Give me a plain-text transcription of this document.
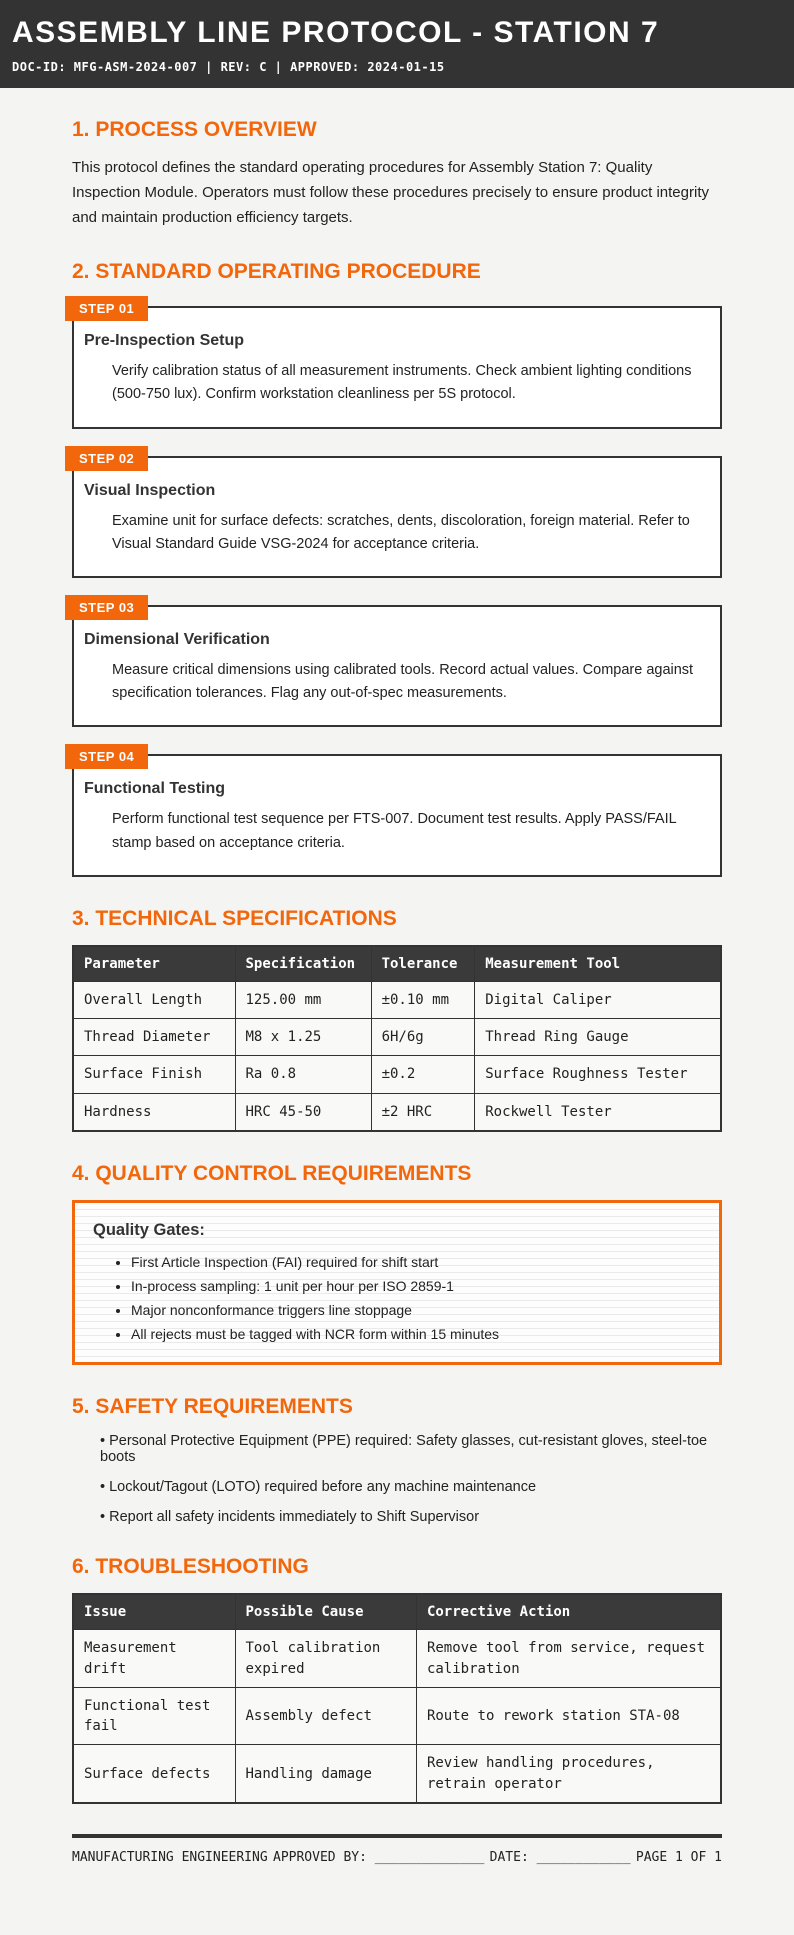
ASSEMBLY LINE PROTOCOL - STATION 7
DOC-ID: MFG-ASM-2024-007 | REV: C | APPROVED: 2024-01-15
1. PROCESS OVERVIEW

This protocol defines the standard operating procedures for Assembly Station 7: Quality Inspection Module. Operators must follow these procedures precisely to ensure product integrity and maintain production efficiency targets.

2. STANDARD OPERATING PROCEDURE
STEP 01
Pre-Inspection Setup
Verify calibration status of all measurement instruments. Check ambient lighting conditions (500-750 lux). Confirm workstation cleanliness per 5S protocol.
STEP 02
Visual Inspection
Examine unit for surface defects: scratches, dents, discoloration, foreign material. Refer to Visual Standard Guide VSG-2024 for acceptance criteria.
STEP 03
Dimensional Verification
Measure critical dimensions using calibrated tools. Record actual values. Compare against specification tolerances. Flag any out-of-spec measurements.
STEP 04
Functional Testing
Perform functional test sequence per FTS-007. Document test results. Apply PASS/FAIL stamp based on acceptance criteria.
3. TECHNICAL SPECIFICATIONS
Parameter	Specification	Tolerance	Measurement Tool
Overall Length	125.00 mm	±0.10 mm	Digital Caliper
Thread Diameter	M8 x 1.25	6H/6g	Thread Ring Gauge
Surface Finish	Ra 0.8	±0.2	Surface Roughness Tester
Hardness	HRC 45-50	±2 HRC	Rockwell Tester
4. QUALITY CONTROL REQUIREMENTS
Quality Gates:
• First Article Inspection (FAI) required for shift start
• In-process sampling: 1 unit per hour per ISO 2859-1
• Major nonconformance triggers line stoppage
• All rejects must be tagged with NCR form within 15 minutes
5. SAFETY REQUIREMENTS
• Personal Protective Equipment (PPE) required: Safety glasses, cut-resistant gloves, steel-toe boots
• Lockout/Tagout (LOTO) required before any machine maintenance
• Report all safety incidents immediately to Shift Supervisor
6. TROUBLESHOOTING
Issue	Possible Cause	Corrective Action
Measurement drift	Tool calibration expired	Remove tool from service, request calibration
Functional test fail	Assembly defect	Route to rework station STA-08
Surface defects	Handling damage	Review handling procedures, retrain operator
MANUFACTURING ENGINEERING APPROVED BY: ______________ DATE: ____________ PAGE 1 OF 1
